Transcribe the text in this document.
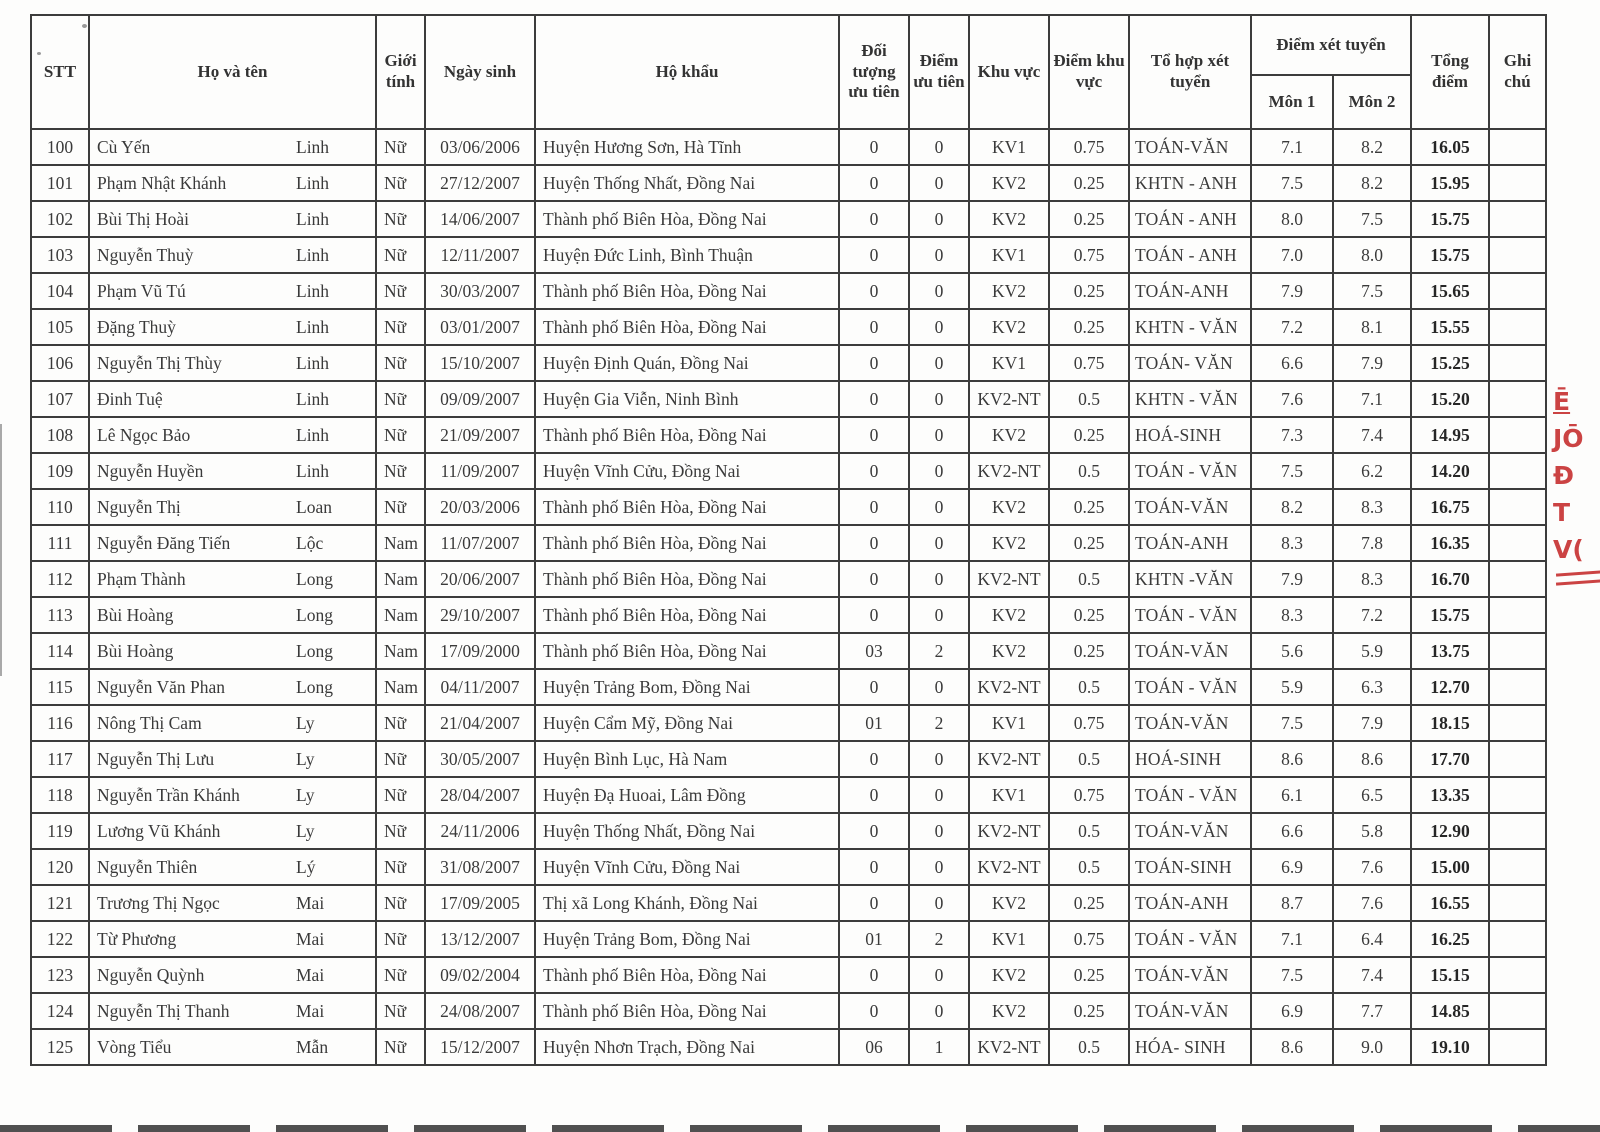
STT	Họ và tên	Giới tính	Ngày sinh	Hộ khẩu	Đối tượng ưu tiên	Điểm ưu tiên	Khu vực	Điểm khu vực	Tổ hợp xét tuyển	Điểm xét tuyển		Tổng điểm	Ghi chú
										Môn 1	Môn 2		
100	Cù Yến Linh	Nữ	03/06/2006	Huyện Hương Sơn, Hà Tĩnh	0	0	KV1	0.75	TOÁN-VĂN	7.1	8.2	16.05	
101	Phạm Nhật Khánh Linh	Nữ	27/12/2007	Huyện Thống Nhất, Đồng Nai	0	0	KV2	0.25	KHTN - ANH	7.5	8.2	15.95	
102	Bùi Thị Hoài Linh	Nữ	14/06/2007	Thành phố Biên Hòa, Đồng Nai	0	0	KV2	0.25	TOÁN - ANH	8.0	7.5	15.75	
103	Nguyễn Thuỳ Linh	Nữ	12/11/2007	Huyện Đức Linh, Bình Thuận	0	0	KV1	0.75	TOÁN - ANH	7.0	8.0	15.75	
104	Phạm Vũ Tú Linh	Nữ	30/03/2007	Thành phố Biên Hòa, Đồng Nai	0	0	KV2	0.25	TOÁN-ANH	7.9	7.5	15.65	
105	Đặng Thuỳ Linh	Nữ	03/01/2007	Thành phố Biên Hòa, Đồng Nai	0	0	KV2	0.25	KHTN - VĂN	7.2	8.1	15.55	
106	Nguyễn Thị Thùy Linh	Nữ	15/10/2007	Huyện Định Quán, Đồng Nai	0	0	KV1	0.75	TOÁN- VĂN	6.6	7.9	15.25	
107	Đinh Tuệ Linh	Nữ	09/09/2007	Huyện Gia Viễn, Ninh Bình	0	0	KV2-NT	0.5	KHTN - VĂN	7.6	7.1	15.20	
108	Lê Ngọc Bảo Linh	Nữ	21/09/2007	Thành phố Biên Hòa, Đồng Nai	0	0	KV2	0.25	HOÁ-SINH	7.3	7.4	14.95	
109	Nguyễn Huyền Linh	Nữ	11/09/2007	Huyện Vĩnh Cửu, Đồng Nai	0	0	KV2-NT	0.5	TOÁN - VĂN	7.5	6.2	14.20	
110	Nguyễn Thị Loan	Nữ	20/03/2006	Thành phố Biên Hòa, Đồng Nai	0	0	KV2	0.25	TOÁN-VĂN	8.2	8.3	16.75	
111	Nguyễn Đăng Tiến Lộc	Nam	11/07/2007	Thành phố Biên Hòa, Đồng Nai	0	0	KV2	0.25	TOÁN-ANH	8.3	7.8	16.35	
112	Phạm Thành Long	Nam	20/06/2007	Thành phố Biên Hòa, Đồng Nai	0	0	KV2-NT	0.5	KHTN -VĂN	7.9	8.3	16.70	
113	Bùi Hoàng Long	Nam	29/10/2007	Thành phố Biên Hòa, Đồng Nai	0	0	KV2	0.25	TOÁN - VĂN	8.3	7.2	15.75	
114	Bùi Hoàng Long	Nam	17/09/2000	Thành phố Biên Hòa, Đồng Nai	03	2	KV2	0.25	TOÁN-VĂN	5.6	5.9	13.75	
115	Nguyễn Văn Phan Long	Nam	04/11/2007	Huyện Trảng Bom, Đồng Nai	0	0	KV2-NT	0.5	TOÁN - VĂN	5.9	6.3	12.70	
116	Nông Thị Cam Ly	Nữ	21/04/2007	Huyện Cẩm Mỹ, Đồng Nai	01	2	KV1	0.75	TOÁN-VĂN	7.5	7.9	18.15	
117	Nguyễn Thị Lưu Ly	Nữ	30/05/2007	Huyện Bình Lục, Hà Nam	0	0	KV2-NT	0.5	HOÁ-SINH	8.6	8.6	17.70	
118	Nguyễn Trần Khánh Ly	Nữ	28/04/2007	Huyện Đạ Huoai, Lâm Đồng	0	0	KV1	0.75	TOÁN - VĂN	6.1	6.5	13.35	
119	Lương Vũ Khánh Ly	Nữ	24/11/2006	Huyện Thống Nhất, Đồng Nai	0	0	KV2-NT	0.5	TOÁN-VĂN	6.6	5.8	12.90	
120	Nguyễn Thiên Lý	Nữ	31/08/2007	Huyện Vĩnh Cửu, Đồng Nai	0	0	KV2-NT	0.5	TOÁN-SINH	6.9	7.6	15.00	
121	Trương Thị Ngọc Mai	Nữ	17/09/2005	Thị xã Long Khánh, Đồng Nai	0	0	KV2	0.25	TOÁN-ANH	8.7	7.6	16.55	
122	Từ Phương Mai	Nữ	13/12/2007	Huyện Trảng Bom, Đồng Nai	01	2	KV1	0.75	TOÁN - VĂN	7.1	6.4	16.25	
123	Nguyễn Quỳnh Mai	Nữ	09/02/2004	Thành phố Biên Hòa, Đồng Nai	0	0	KV2	0.25	TOÁN-VĂN	7.5	7.4	15.15	
124	Nguyễn Thị Thanh Mai	Nữ	24/08/2007	Thành phố Biên Hòa, Đồng Nai	0	0	KV2	0.25	TOÁN-VĂN	6.9	7.7	14.85	
125	Vòng Tiểu Mẫn	Nữ	15/12/2007	Huyện Nhơn Trạch, Đồng Nai	06	1	KV2-NT	0.5	HÓA- SINH	8.6	9.0	19.10	
Ē
JŌ
Đ
T
V(
